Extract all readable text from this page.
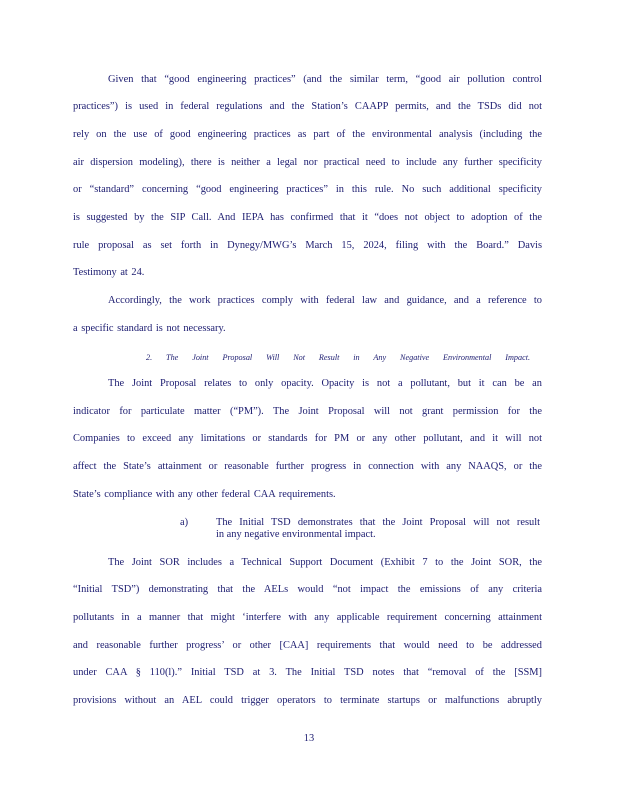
Given that “good engineering practices” (and the similar term, “good air pollution control
practices”) is used in federal regulations and the Station’s CAAPP permits, and the TSDs did not
rely on the use of good engineering practices as part of the environmental analysis (including the
air dispersion modeling), there is neither a legal nor practical need to include any further specificity
or “standard” concerning “good engineering practices” in this rule. No such additional specificity
is suggested by the SIP Call. And IEPA has confirmed that it “does not object to adoption of the
rule proposal as set forth in Dynegy/MWG’s March 15, 2024, filing with the Board.” Davis
Testimony at 24.
Accordingly, the work practices comply with federal law and guidance, and a reference to
a specific standard is not necessary.
2. The Joint Proposal Will Not Result in Any Negative Environmental Impact.
The Joint Proposal relates to only opacity. Opacity is not a pollutant, but it can be an
indicator for particulate matter (“PM”). The Joint Proposal will not grant permission for the
Companies to exceed any limitations or standards for PM or any other pollutant, and it will not
affect the State’s attainment or reasonable further progress in connection with any NAAQS, or the
State’s compliance with any other federal CAA requirements.
a)	The Initial TSD demonstrates that the Joint Proposal will not result
in any negative environmental impact.
The Joint SOR includes a Technical Support Document (Exhibit 7 to the Joint SOR, the
“Initial TSD”) demonstrating that the AELs would “not impact the emissions of any criteria
pollutants in a manner that might ‘interfere with any applicable requirement concerning attainment
and reasonable further progress’ or other [CAA] requirements that would need to be addressed
under CAA § 110(l).” Initial TSD at 3. The Initial TSD notes that “removal of the [SSM]
provisions without an AEL could trigger operators to terminate startups or malfunctions abruptly
13
